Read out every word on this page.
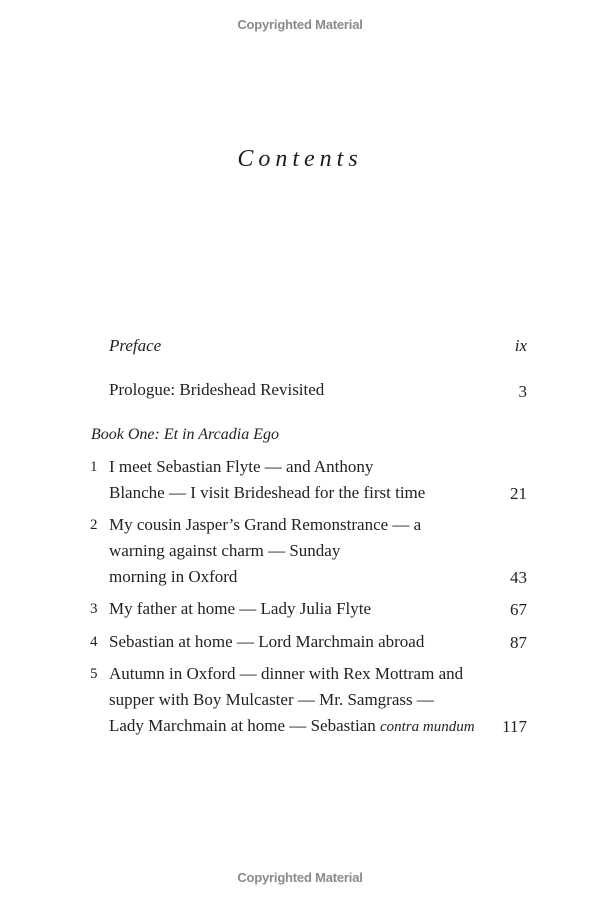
Copyrighted Material
Contents
Preface	ix
Prologue: Brideshead Revisited	3
Book One: Et in Arcadia Ego
1 I meet Sebastian Flyte — and Anthony
Blanche — I visit Brideshead for the first time	21
2 My cousin Jasper’s Grand Remonstrance — a
warning against charm — Sunday
morning in Oxford	43
3 My father at home — Lady Julia Flyte	67
4 Sebastian at home — Lord Marchmain abroad	87
5 Autumn in Oxford — dinner with Rex Mottram and
supper with Boy Mulcaster — Mr. Samgrass —
Lady Marchmain at home — Sebastian contra mundum 117
Copyrighted Material
